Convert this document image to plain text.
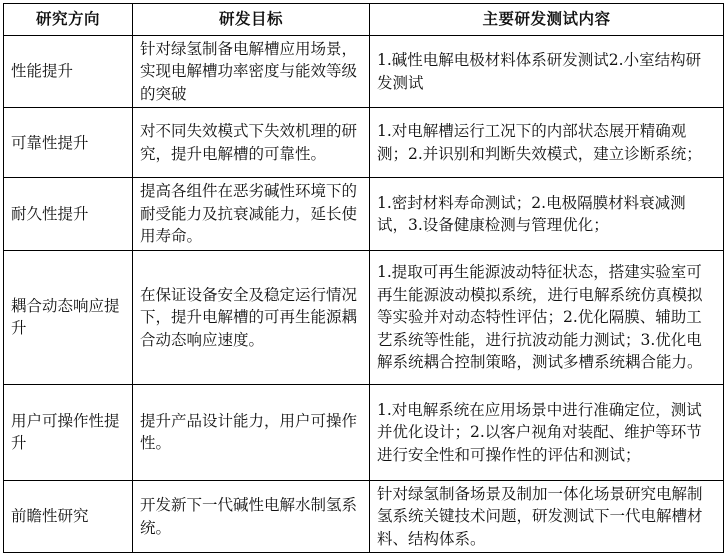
研究方向	研发目标	主要研发测试内容
性能提升	针对绿氢制备电解槽应用场景，实现电解槽功率密度与能效等级的突破	1.碱性电解电极材料体系研发测试2.小室结构研发测试
可靠性提升	对不同失效模式下失效机理的研究，提升电解槽的可靠性。	1.对电解槽运行工况下的内部状态展开精确观测；2.并识别和判断失效模式，建立诊断系统；
耐久性提升	提高各组件在恶劣碱性环境下的耐受能力及抗衰减能力，延长使用寿命。	1.密封材料寿命测试；2.电极隔膜材料衰减测试，3.设备健康检测与管理优化；
耦合动态响应提升	在保证设备安全及稳定运行情况下，提升电解槽的可再生能源耦合动态响应速度。	1.提取可再生能源波动特征状态，搭建实验室可再生能源波动模拟系统，进行电解系统仿真模拟等实验并对动态特性评估；2.优化隔膜、辅助工艺系统等性能，进行抗波动能力测试；3.优化电解系统耦合控制策略，测试多槽系统耦合能力。
用户可操作性提升	提升产品设计能力，用户可操作性。	1.对电解系统在应用场景中进行准确定位，测试并优化设计；2.以客户视角对装配、维护等环节进行安全性和可操作性的评估和测试；
前瞻性研究	开发新下一代碱性电解水制氢系统。	针对绿氢制备场景及制加一体化场景研究电解制氢系统关键技术问题，研发测试下一代电解槽材料、结构体系。
